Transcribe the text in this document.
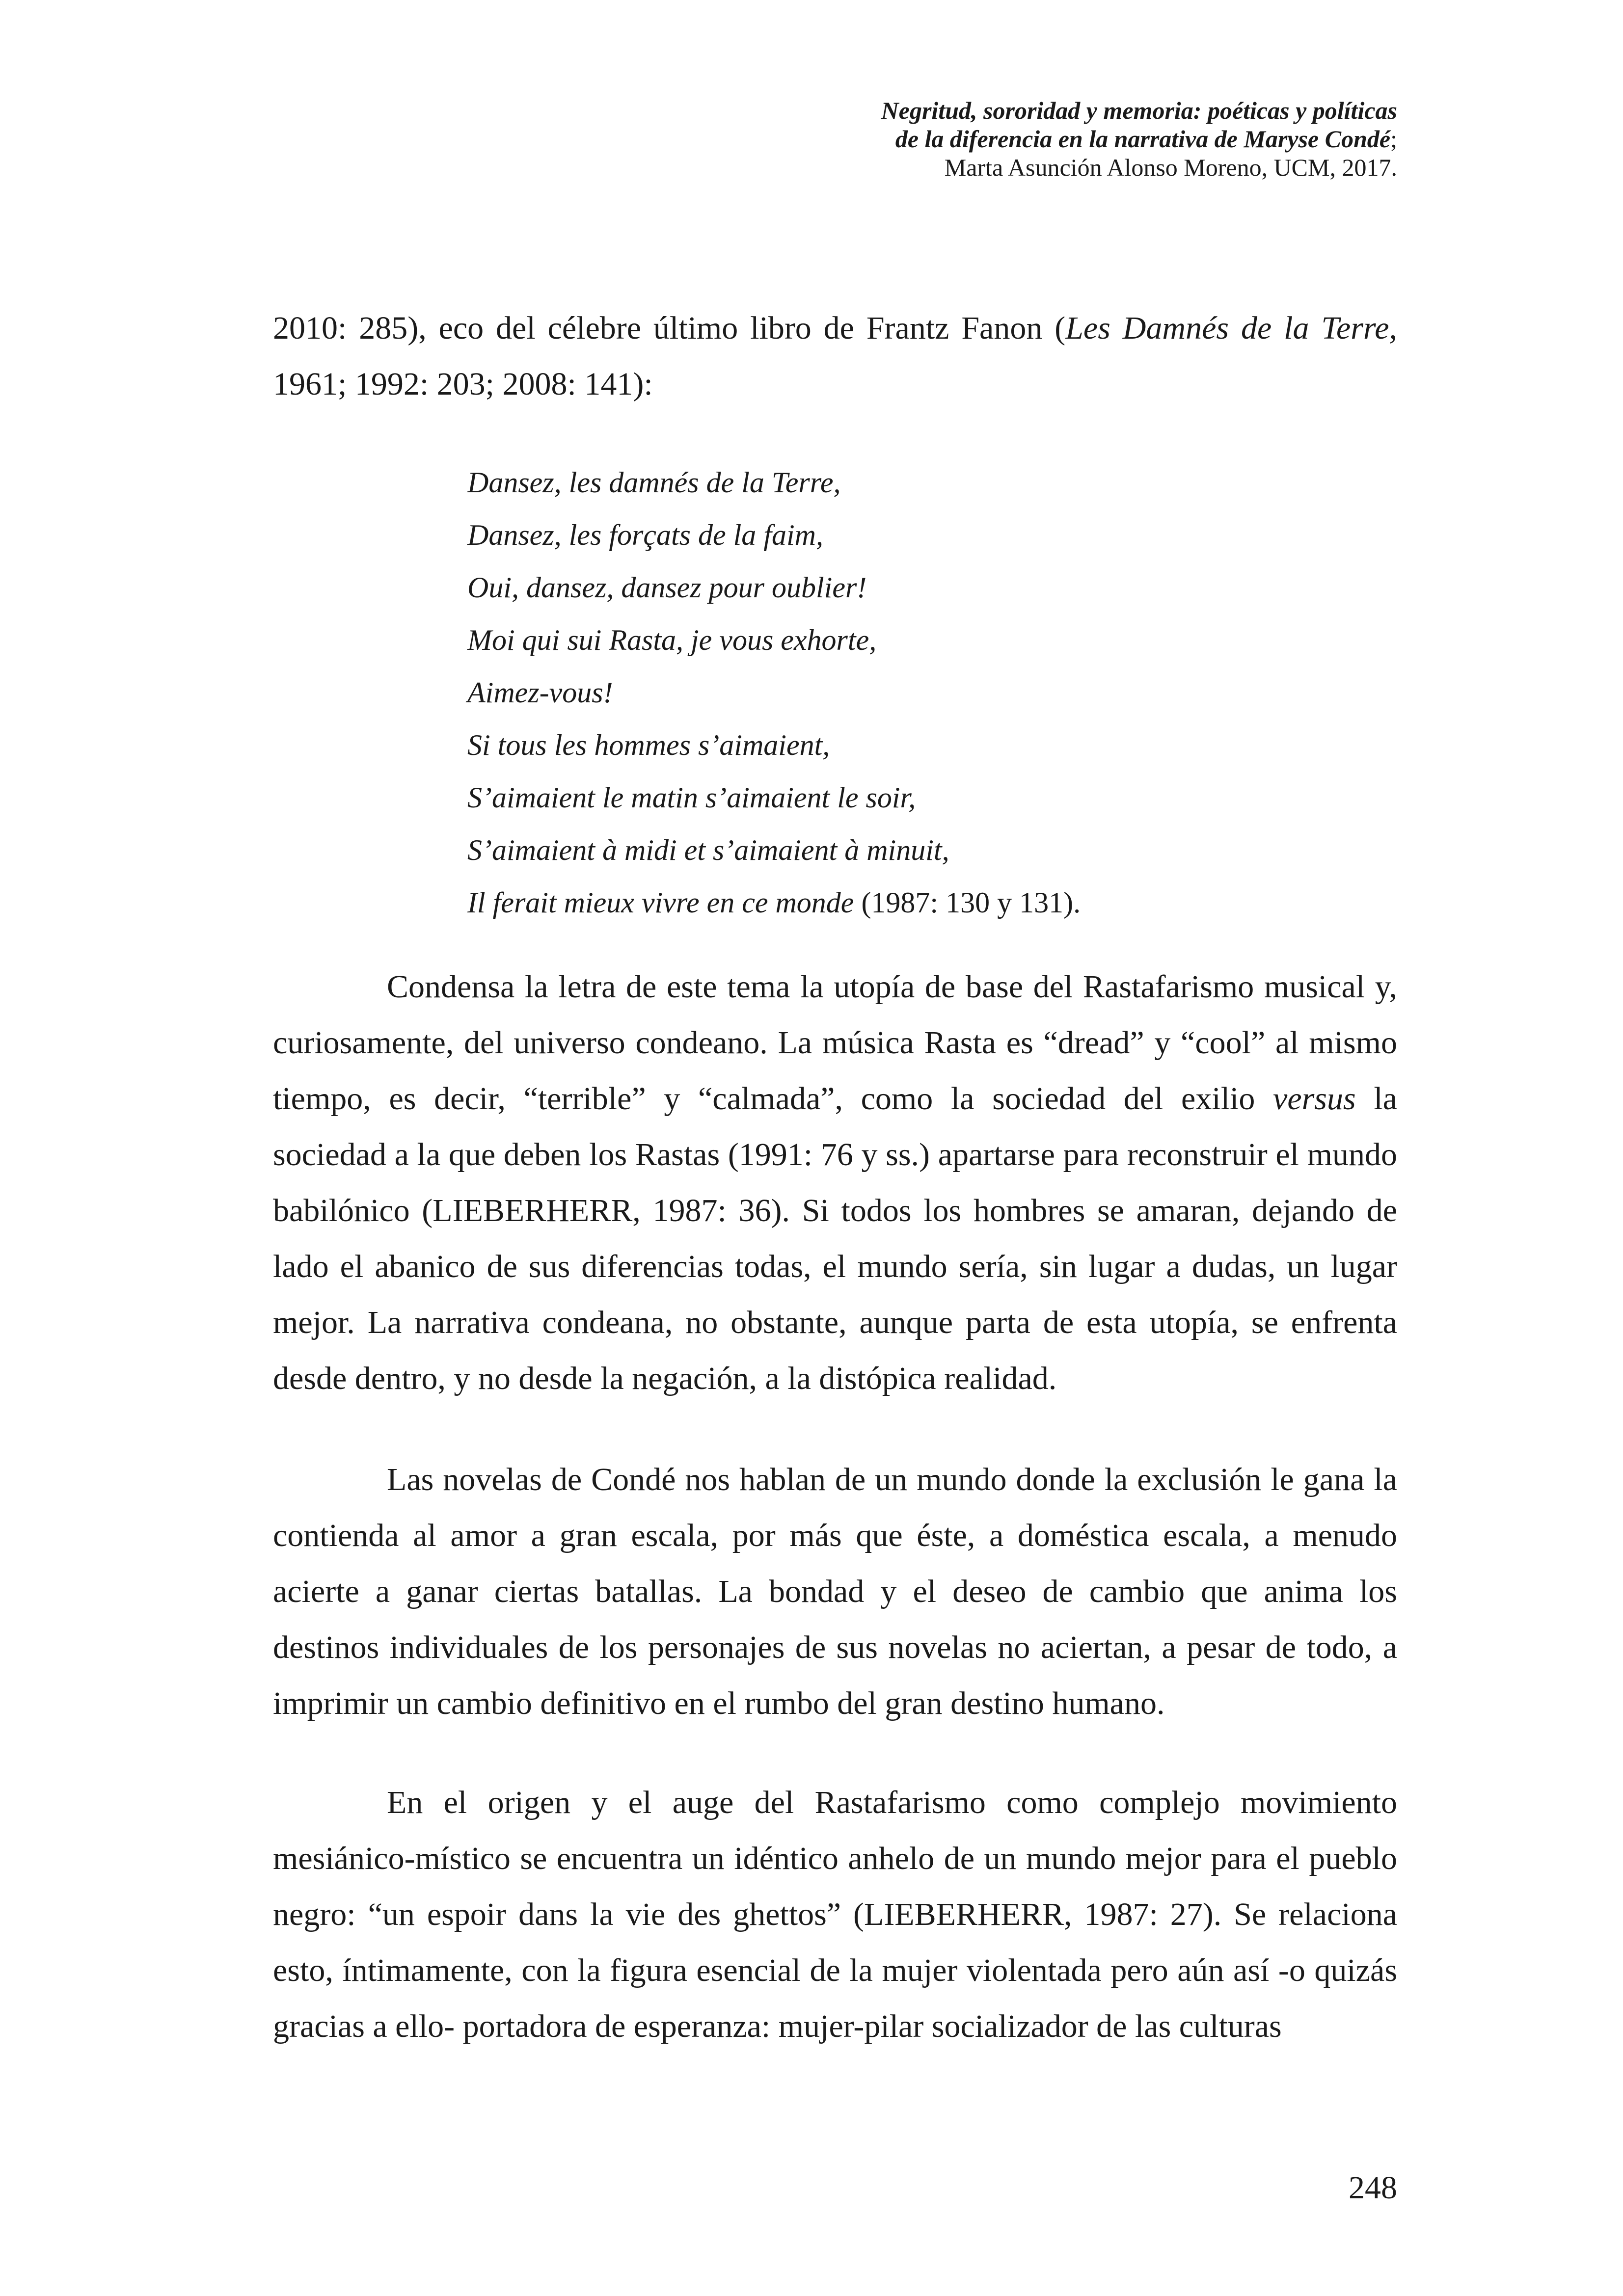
Negritud, sororidad y memoria: poéticas y políticas
de la diferencia en la narrativa de Maryse Condé;
Marta Asunción Alonso Moreno, UCM, 2017.

2010: 285), eco del célebre último libro de Frantz Fanon (Les Damnés de la Terre, 1961; 1992: 203; 2008: 141):

Dansez, les damnés de la Terre,
Dansez, les forçats de la faim,
Oui, dansez, dansez pour oublier!
Moi qui sui Rasta, je vous exhorte,
Aimez-vous!
Si tous les hommes s’aimaient,
S’aimaient le matin s’aimaient le soir,
S’aimaient à midi et s’aimaient à minuit,
Il ferait mieux vivre en ce monde (1987: 130 y 131).

Condensa la letra de este tema la utopía de base del Rastafarismo musical y, curiosamente, del universo condeano. La música Rasta es “dread” y “cool” al mismo tiempo, es decir, “terrible” y “calmada”, como la sociedad del exilio versus la sociedad a la que deben los Rastas (1991: 76 y ss.) apartarse para reconstruir el mundo babilónico (LIEBERHERR, 1987: 36). Si todos los hombres se amaran, dejando de lado el abanico de sus diferencias todas, el mundo sería, sin lugar a dudas, un lugar mejor. La narrativa condeana, no obstante, aunque parta de esta utopía, se enfrenta desde dentro, y no desde la negación, a la distópica realidad.

Las novelas de Condé nos hablan de un mundo donde la exclusión le gana la contienda al amor a gran escala, por más que éste, a doméstica escala, a menudo acierte a ganar ciertas batallas. La bondad y el deseo de cambio que anima los destinos individuales de los personajes de sus novelas no aciertan, a pesar de todo, a imprimir un cambio definitivo en el rumbo del gran destino humano.

En el origen y el auge del Rastafarismo como complejo movimiento mesiánico-místico se encuentra un idéntico anhelo de un mundo mejor para el pueblo negro: “un espoir dans la vie des ghettos” (LIEBERHERR, 1987: 27). Se relaciona esto, íntimamente, con la figura esencial de la mujer violentada pero aún así -o quizás gracias a ello- portadora de esperanza: mujer-pilar socializador de las culturas

248
